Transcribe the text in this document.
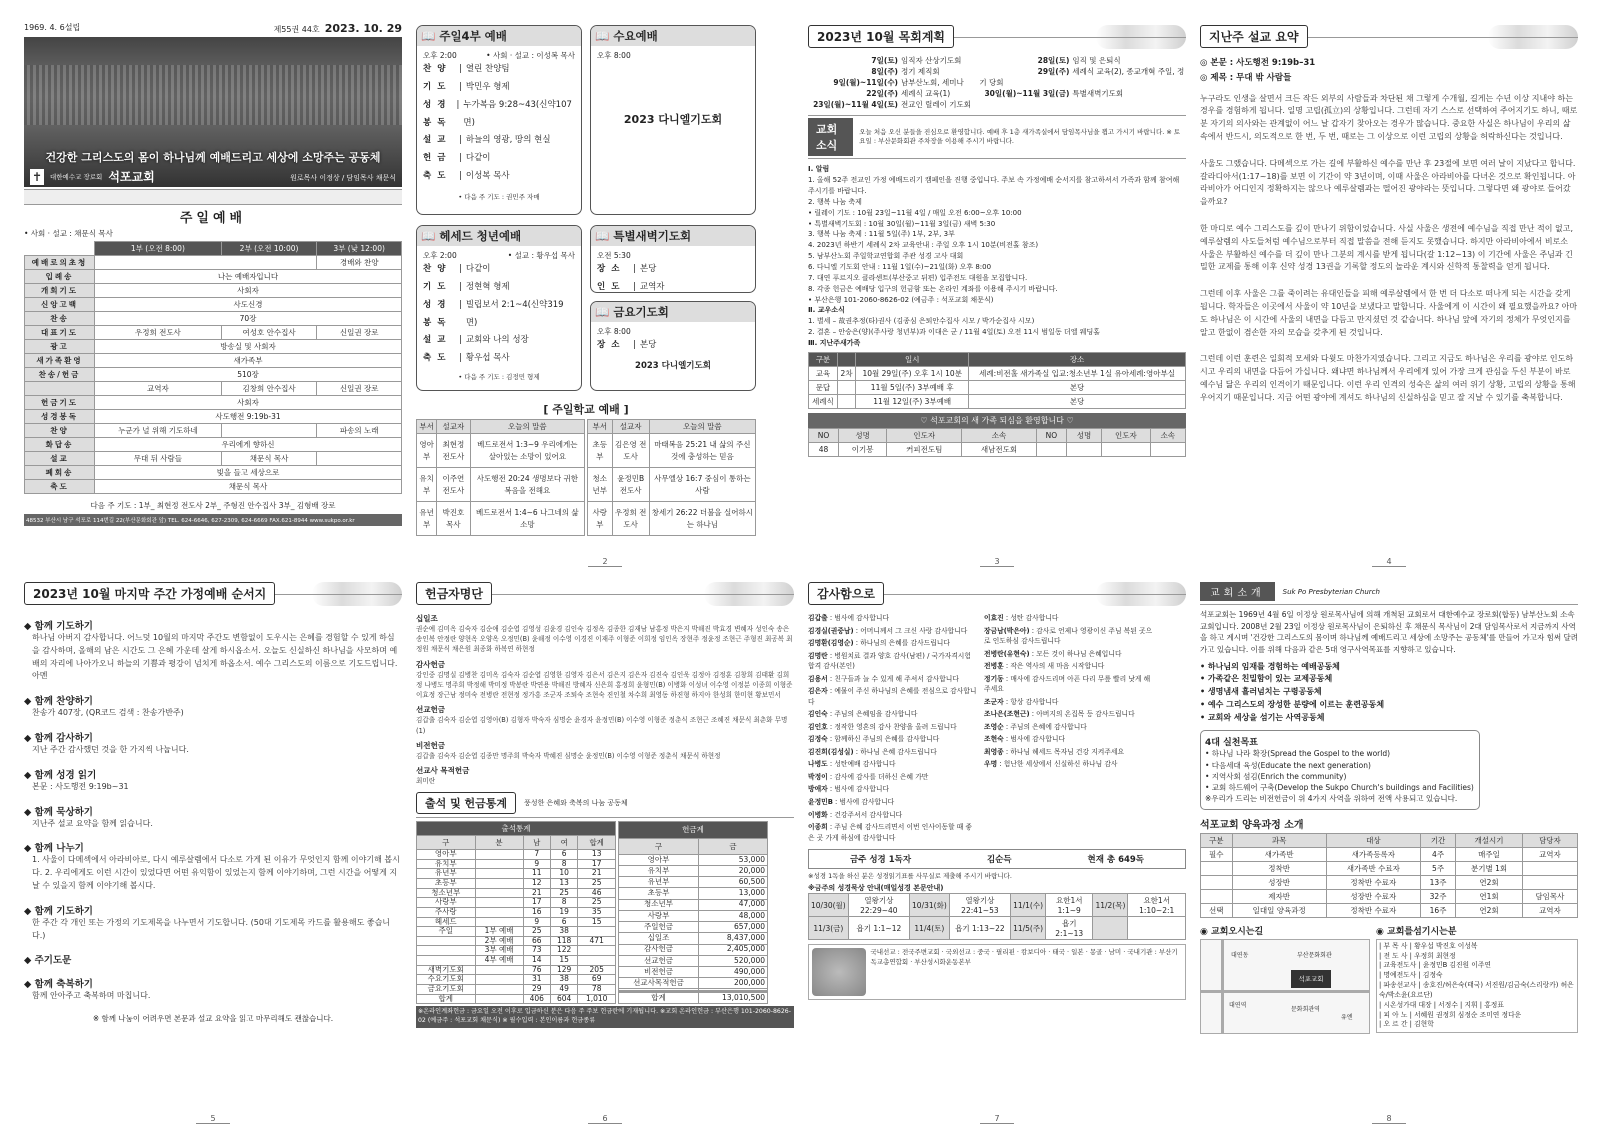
1969. 4. 6설립	제55권 44호 2023. 10. 29
건강한 그리스도의 몸이 하나님께 예배드리고 세상에 소망주는 공동체
✝	대한예수교 장로회 석포교회	원로목사 이정상 / 담임목사 채문식
주일예배
• 사회 · 설교 : 채문식 목사
	1부 (오전 8:00)	2부 (오전 10:00)	3부 (낮 12:00)
예배로의초청			경배와 찬양
입례송	나는 예배자입니다		
개회기도	사회자		
신앙고백	사도신경		
찬송	70장		
대표기도	우정희 전도사	여성호 안수집사	신일권 장로
광고	방송실 및 사회자		
새가족환영	새가족부		
찬송/헌금	510장		
	교역자	김창희 안수집사	신일권 장로
헌금기도	사회자		
성경봉독	사도행전 9:19b-31		
찬양	누군가 널 위해 기도하네		파송의 노래
화답송	우리에게 향하신		
설교	무대 뒤 사람들	채문식 목사	
폐회송	빛을 들고 세상으로		
축도	채문식 목사		
다음 주 기도 : 1부_ 최현정 전도사 2부_ 주형진 안수집사 3부_ 김형배 장로
48532 부산시 남구 석포로 114번길 22(부산문화회관 앞) TEL. 624-6646, 627-2309, 624-6669 FAX.621-8944 www.sukpo.or.kr
📖 주일4부 예배
오후 2:00	• 사회 · 설교 : 이성복 목사
찬양 | 열린 찬양팀
기도 | 박민우 형제
성경봉독
| 누가복음 9:28~43(신약107면)
설교 | 하늘의 영광, 땅의 현실
헌금 | 다같이
축도 | 이성복 목사
• 다음 주 기도 : 권민주 자매
📖 수요예배
오후 8:00
2023 다니엘기도회
📖 헤세드 청년예배
오후 2:00	• 설교 : 황우섭 목사
찬양 | 다같이
기도 | 정현혁 형제
성경봉독
| 빌립보서 2:1~4(신약319면)
설교 | 교회와 나의 성장
축도 | 황우섭 목사
• 다음 주 기도 : 김정민 형제
📖 특별새벽기도회
오전 5:30
장소 | 본당
인도 | 교역자
📖 금요기도회
오후 8:00
장소 | 본당
2023 다니엘기도회
[ 주일학교 예배 ]
부서	설교자	오늘의 말씀
영아부	최현정 전도사	베드로전서 1:3~9 우리에게는 살아있는 소망이 있어요
유치부	이주연 전도사	사도행전 20:24 생명보다 귀한 복음을 전해요
유년부	박진호 목사	베드로전서 1:4~6 나그네의 삶 소망
부서	설교자	오늘의 말씀
초등부	김은영 전도사	마태복음 25:21 내 삶의 주신 것에 충성하는 믿음
청소년부	윤정민B 전도사	사무엘상 16:7 중심이 통하는 사람
사랑부	우정희 전도사	창세기 26:22 더불을 실어하시는 하나님
2
2023년 10월 목회계획
7일(토) 임직자 산상기도회
8일(주) 정기 제직회
9일(월)~11일(수) 남부산노회, 세미나
22일(주) 세례식 교육(1)
23일(월)~11월 4일(토) 전교인 릴레이 기도회
28일(토) 임직 및 은퇴식
29일(주) 세례식 교육(2), 종교개혁 주일, 정기 당회
30일(월)~11월 3일(금) 특별새벽기도회
교회소식
오늘 처음 오신 분들을 진심으로 환영합니다. 예배 후 1층 새가족실에서 담임목사님을 뵙고 가시기 바랍니다. ※ 토요일 : 부산문화회관 주차장을 이용해 주시기 바랍니다.
Ⅰ. 알림
1. 올해 52주 전교인 가정 예배드리기 캠페인을 진행 중입니다. 주보 속 가정예배 순서지를 참고하셔서 가족과 함께 참여해 주시기를 바랍니다.
2. 행복 나눔 축제
• 릴레이 기도 : 10월 23일~11월 4일 / 매일 오전 6:00~오후 10:00
• 특별새벽기도회 : 10월 30일(월)~11월 3일(금) 새벽 5:30
3. 행복 나눔 축제 : 11월 5일(주) 1부, 2부, 3부
4. 2023년 하반기 세례식 2차 교육안내 : 주일 오후 1시 10분(비전홀 참조)
5. 남부산노회 주일학교연합회 주관 성경 고사 대회
6. 다니엘 기도회 안내 : 11월 1일(수)~21일(화) 오후 8:00
7. 대연 푸르지오 클라센트(부산중고 뒤편) 입주전도 대원을 모집합니다.
8. 각종 헌금은 예배당 입구의 헌금함 또는 온라인 계좌를 이용해 주시기 바랍니다.
• 부산은행 101-2060-8626-02 (예금주 : 석포교회 채문식)
Ⅱ. 교우소식
1. 별세 – 故권추정(타)권사 (김종심 은퇴안수집사 시모 / 박가순집사 시모)
2. 결혼 – 안승은(양)(주사랑 청년부)과 이대은 군 / 11월 4일(토) 오전 11시 범일동 더엘 웨딩홀
Ⅲ. 지난주새가족
구분		일시	장소
교육	2차	10월 29일(주) 오후 1시 10분	세례:비전홀 새가족실 입교:청소년부 1실 유아세례:영아부실
문답		11월 5일(주) 3부예배 후	본당
세례식		11월 12일(주) 3부예배	본당
♡ 석포교회의 새 가족 되심을 환영합니다 ♡
NO	성명	인도자	소속	NO	성명	인도자	소속
48	이기봉	커피전도팀	새남전도회				
3
지난주 설교 요약
◎ 본문 : 사도행전 9:19b–31
◎ 제목 : 무대 밖 사람들

누구라도 인생을 살면서 크든 작든 외부의 사람들과 차단된 채 그렇게 수개월, 길게는 수년 이상 지내야 하는 경우를 경험하게 됩니다. 일명 고립(孤立)의 상황입니다. 그런데 자기 스스로 선택하여 주어지기도 하니, 때로 분 자기의 의사와는 관계없이 어느 날 갑자기 찾아오는 경우가 많습니다. 중요한 사실은 하나님이 우리의 삶 속에서 반드시, 의도적으로 한 번, 두 번, 때로는 그 이상으로 이런 고립의 상황을 허락하신다는 것입니다.

사울도 그랬습니다. 다메섹으로 가는 길에 부활하신 예수를 만난 후 23절에 보면 여러 날이 지났다고 합니다. 갈라디아서(1:17~18)를 보면 이 기간이 약 3년이며, 이때 사울은 아라비아를 다녀온 것으로 확인됩니다. 아라비아가 어디인지 정확하지는 않으나 예루살렘과는 떨어진 광야라는 뜻입니다. 그렇다면 왜 광야로 들어갔을까요?

한 마디로 예수 그리스도를 깊이 만나기 위함이었습니다. 사실 사울은 생전에 예수님을 직접 만난 적이 없고, 예루살렘의 사도들처럼 예수님으로부터 직접 말씀을 전해 듣지도 못했습니다. 하지만 아라비아에서 비로소 사울은 부활하신 예수를 더 깊이 만나 그분의 계시를 받게 됩니다(갈 1:12~13) 이 기간에 사울은 주님과 긴밀한 교제를 통해 이후 신약 성경 13권을 기록할 정도의 놀라운 계시와 신학적 통찰력을 얻게 됩니다.

그런데 이후 사울은 그를 죽이려는 유대인들을 피해 예루살렘에서 한 번 더 다소로 떠나게 되는 시간을 갖게 됩니다. 학자들은 이곳에서 사울이 약 10년을 보냈다고 말합니다. 사울에게 이 시간이 왜 필요했을까요? 아마도 하나님은 이 시간에 사울의 내면을 다듬고 만지셨던 것 같습니다. 하나님 앞에 자기의 정체가 무엇인지를 알고 한없이 겸손한 자의 모습을 갖추게 된 것입니다.

그런데 이런 훈련은 일회적 모세와 다윗도 마찬가지였습니다. 그리고 지금도 하나님은 우리를 광야로 인도하시고 우리의 내면을 다듬어 가십니다. 왜냐면 하나님께서 우리에게 있어 가장 크게 관심을 두신 부분이 바로 예수님 닮은 우리의 인격이기 때문입니다. 이런 우리 인격의 성숙은 삶의 여러 위기 상황, 고립의 상황을 통해 우어지기 때문입니다. 지금 어떤 광야에 계셔도 하나님의 신실하심을 믿고 잘 지날 수 있기를 축복합니다.

4
2023년 10월 마지막 주간 가정예배 순서지
◆ 함께 기도하기
하나님 아버지 감사합니다. 어느덧 10월의 마지막 주간도 변함없이 도우시는 은혜를 경험할 수 있게 하심을 감사하며, 올해의 남은 시간도 그 은혜 가운데 살게 하시옵소서. 오늘도 신실하신 하나님을 사모하며 예배의 자리에 나아가오니 하늘의 기쁨과 평강이 넘치게 하옵소서. 예수 그리스도의 이름으로 기도드립니다. 아멘
◆ 함께 찬양하기
찬송가 407장, (QR코드 검색 : 찬송가반주)
◆ 함께 감사하기
지난 주간 감사했던 것을 한 가지씩 나눕니다.
◆ 함께 성경 읽기
본문 : 사도행전 9:19b~31
◆ 함께 묵상하기
지난주 설교 요약을 함께 읽습니다.
◆ 함께 나누기
1. 사울이 다메섹에서 아라비아로, 다시 예루살렘에서 다소로 가게 된 이유가 무엇인지 함께 이야기해 봅시다. 2. 우리에게도 이런 시간이 있었다면 어떤 유익함이 있었는지 함께 이야기하며, 그런 시간을 어떻게 지날 수 있을지 함께 이야기해 봅시다.
◆ 함께 기도하기
한 주간 각 개인 또는 가정의 기도제목을 나누면서 기도합니다. (50대 기도제목 카드를 활용해도 좋습니다.)
◆ 주기도문
◆ 함께 축복하기
함께 안아주고 축복하며 마칩니다.
※ 함께 나눔이 어려우면 본문과 설교 요약을 읽고 마무리해도 괜찮습니다.
5
헌금자명단
십일조
권순예 김미옥 김숙자 김순애 김순엽 김영성 김윤경 김인숙 김정옥 김종한 김재남 남홍정 박은지 박해진 박효경 변혜자 성인숙 송은 송인복 안정란 양현옥 오양옥 오정민(B) 윤해정 이수영 이경진 이재주 이형준 이희정 임인옥 장현주 정윤정 조현근 주형진 최공복 최정원 채문식 채은원 최종화 하복연 하현정
감사헌금
강인중 김명실 김병찬 김미옥 김숙자 김순엽 김영한 김영자 김은서 김은지 김은자 김진숙 김인욱 김정아 김정훈 김창희 김태환 김희정 나병도 명주희 박정해 박미정 박봉란 박연용 박해진 방혜자 신은희 홍정희 윤형민(B) 이병화 이성녀 이수영 이정분 이종희 이형준 이효정 장근남 정미숙 전병란 전현정 정가흥 조군자 조퇴숙 조현숙 진인철 차수희 최영동 하진형 하지아 한성희 한미현 황보민서
선교헌금
김갑출 김숙자 김순엽 김영아(B) 김형자 박숙자 심명순 윤경자 윤정민(B) 이수영 이형준 정춘식 조현근 조혜진 채문식 최춘화 무명(1)
비전헌금
김갑출 김숙자 김순엽 김종만 명주희 박숙자 박혜진 심명순 윤정민(B) 이수영 이형준 정춘식 채문식 하현정
선교사 목적헌금
최미란
출석 및 헌금통계	풍성한 은혜와 축복의 나눔 공동체
출석통계				
구	분	남	여	합계
영아부		7	6	13
유치부		9	8	17
유년부		11	10	21
초등부		12	13	25
청소년부		21	25	46
사랑부		17	8	25
주사랑		16	19	35
헤세드		9	6	15
주일	1부 예배	25	38	
	2부 예배	66	118	471
	3부 예배	73	122	
	4부 예배	14	15	
새벽기도회		76	129	205
수요기도회		31	38	69
금요기도회		29	49	78
합계		406	604	1,010
헌금계	
구	금
영아부	53,000
유치부	20,000
유년부	60,500
초등부	13,000
청소년부	47,000
사랑부	48,000
주일헌금	657,000
십일조	8,437,000
감사헌금	2,405,000
선교헌금	520,000
비전헌금	490,000
선교사목적헌금	200,000

합계	13,010,500
※온라인계좌헌금 : 금요일 오전 이후로 입금하신 분은 다음 주 주보 헌금란에 기재됩니다. ※교회 온라인헌금 : 부산은행 101-2060-8626-02 (예금주 : 석포교회 채문식) ※ 필수입력 : 본인이름과 헌금종류
6
감사함으로
김갑출 : 범사에 감사합니다
김경실(권중남) : 어머니께서 그 크신 사랑 감사합니다
김명환(김영순) : 하나님의 은혜를 감사드립니다
김명란 : 병원치료 결과 양호 감사(남편) / 국가자격시험 합격 감사(본인)
김용서 : 친구들과 늘 수 있게 해 주셔서 감사합니다
김은자 : 예물이 주신 하나님의 은혜를 전심으로 감사합니다
김인숙 : 주님의 은혜임을 감사합니다
김인호 : 정작한 영혼의 감사 찬양을 올려 드립니다
김정숙 : 함께하신 주님의 은혜를 감사합니다
김진희(김성실) : 하나님 은혜 감사드립니다
나병도 : 성탄예배 감사합니다
박정이 : 감사에 감사를 더하신 은혜 가만
방애자 : 범사에 감사합니다
윤정민B : 범사에 감사합니다
이병화 : 건강주셔서 감사합니다
이종희 : 주님 은혜 감사드리면서 이번 인사이동할 때 좋은 곳 가게 하심에 감사합니다
이효진 : 성탄 감사합니다
장금남(박은아) : 감사로 언제나 영광이신 주님 복된 곳으로 인도하심 감사드립니다
전병란(유현숙) : 모든 것이 하나님 은혜입니다
전병훈 : 작은 역사의 새 마음 시작합니다
정기동 : 매사에 감사드리며 아픈 다리 무릎 빨리 낫게 해 주세요
조군자 : 항상 감사합니다
조나은(조현근) : 아버지의 온집목 등 감사드립니다
조영순 : 주님의 은혜에 감사합니다
조현숙 : 범사에 감사합니다
최영종 : 하나님 헤세드 목자님 건강 지켜주세요
우명 : 험난한 세상에서 신실하신 하나님 감사
금주 성경 1독자	김순득	현재 총 649독
※성경 1독을 하신 분은 성경읽기표를 사무실로 제출해 주시기 바랍니다.
※금주의 성경묵상 안내(매일성경 본문안내)
10/30(월)	열왕기상 22:29~40	10/31(화)	열왕기상 22:41~53	11/1(수)	요한1서 1:1~9	11/2(목)	요한1서 1:10~2:1
11/3(금)	욥기 1:1~12	11/4(토)	욥기 1:13~22	11/5(주)	욥기 2:1~13		
국내선교 : 전국주변교회 · 국외선교 : 중국 · 필리핀 · 캄보디아 · 태국 · 일본 · 몽골 · 남미 · 국내기관 : 부산기독교총연합회 · 부산성시화운동본부
7
교회소개	Suk Po Presbyterian Church
석포교회는 1969년 4월 6일 이정상 원로목사님에 의해 개척된 교회로서 대한예수교 장로회(합동) 남부산노회 소속 교회입니다. 2008년 2월 23일 이정상 원로목사님이 은퇴하신 후 채문식 목사님이 2대 담임목사로서 지금까지 사역을 하고 계시며 '건강한 그리스도의 몸이며 하나님께 예배드리고 세상에 소망주는 공동체'를 만들어 가고자 힘써 달려가고 있습니다. 이를 위해 다음과 같은 5대 영구사역목표를 지향하고 있습니다.
• 하나님의 임재를 경험하는 예배공동체
• 가족같은 친밀함이 있는 교제공동체
• 생명냄새 흘러넘치는 구령공동체
• 예수 그리스도의 장성한 분량에 이르는 훈련공동체
• 교회와 세상을 섬기는 사역공동체
4대 실천목표
• 하나님 나라 확장(Spread the Gospel to the world)
• 다음세대 육성(Educate the next generation)
• 지역사회 섬김(Enrich the community)
• 교회 하드웨어 구축(Develop the Sukpo Church's buildings and Facilities)
※우리가 드리는 비전헌금이 위 4가지 사역을 위하여 전액 사용되고 있습니다.
석포교회 양육과정 소개
구분	과목	대상	기간	개설시기	담당자
필수	새가족반	새가족등록자	4주	매주일	교역자
	정착반	새가족반 수료자	5주	분기별 1회	
	성장반	정착반 수료자	13주	연2회	
	제자반	성장반 수료자	32주	연1회	담임목사
선택	일대일 양육과정	정착반 수료자	16주	연2회	교역자
◉ 교회오시는길
석포교회
대연역
문화회관역
대연동	부산문화회관
유엔
◉ 교회를섬기시는분
| 부 목 사 | 황우섭 박진호 이성복
| 전 도 사 | 우정희 최현정
| 교육전도사 | 윤정민B 김진원 이주연
| 명예전도사 | 김정숙
| 파송선교사 | 송호진/허은숙(태국) 서진원/김금숙(스리랑카) 허은숙/박소윤(요르단)
| 시온성가대 대장 | 서정수 | 지휘 | 홍정표
| 피 아 노 | 서혜원 권정희 심정순 조미연 정다운
| 오 르 간 | 김현학
8
